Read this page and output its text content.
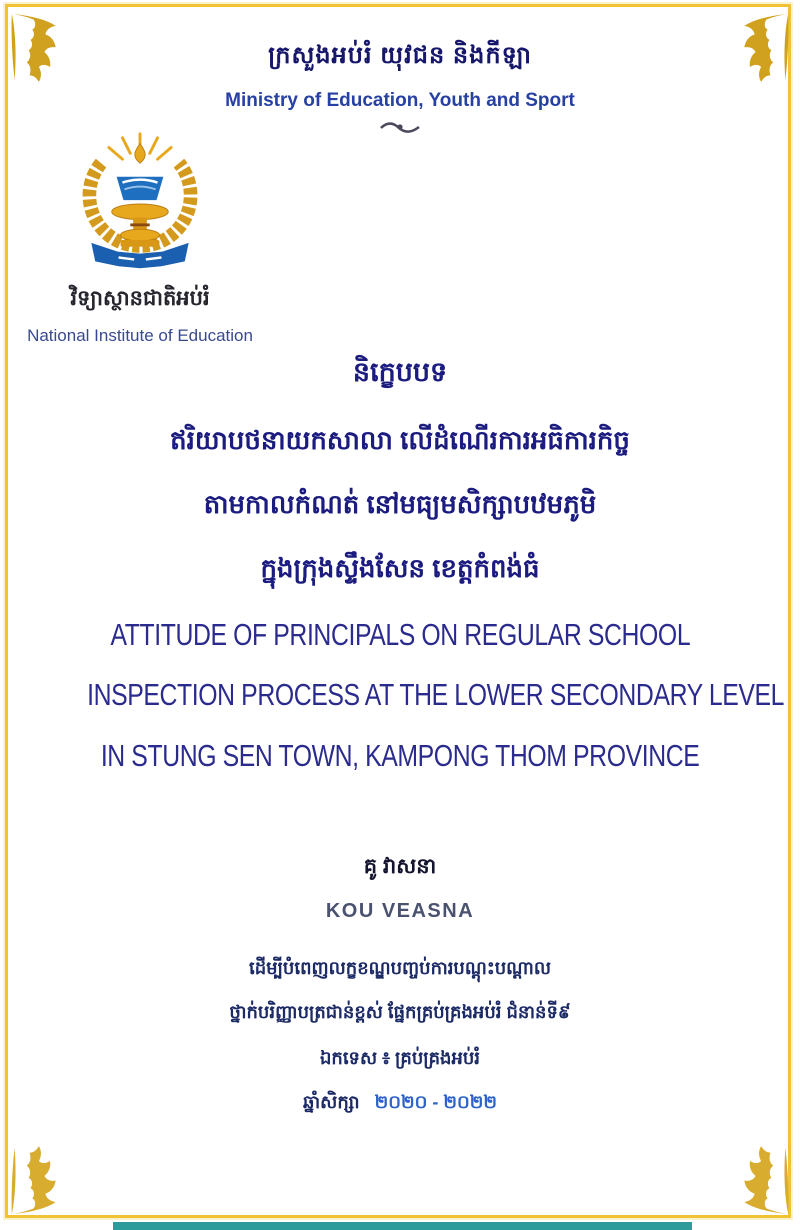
ក្រសួងអប់រំ យុវជន និងកីឡា
Ministry of Education, Youth and Sport
វិទ្យាស្ថានជាតិអប់រំ
National Institute of Education
និក្ខេបបទ
ឥរិយាបថនាយកសាលា លើដំណើរការអធិការកិច្ច
តាមកាលកំណត់ នៅមធ្យមសិក្សាបឋមភូមិ
ក្នុងក្រុងស្ទឹងសែន ខេត្តកំពង់ធំ
ATTITUDE OF PRINCIPALS ON REGULAR SCHOOL
INSPECTION PROCESS AT THE LOWER SECONDARY LEVEL
IN STUNG SEN TOWN, KAMPONG THOM PROVINCE
គូ វាសនា
KOU VEASNA
ដើម្បីបំពេញលក្ខខណ្ឌបញ្ចប់ការបណ្តុះបណ្តាល
ថ្នាក់បរិញ្ញាបត្រជាន់ខ្ពស់ ផ្នែកគ្រប់គ្រងអប់រំ ជំនាន់ទី៩
ឯកទេស ៖ គ្រប់គ្រងអប់រំ
ឆ្នាំសិក្សា ២០២០ - ២០២២
